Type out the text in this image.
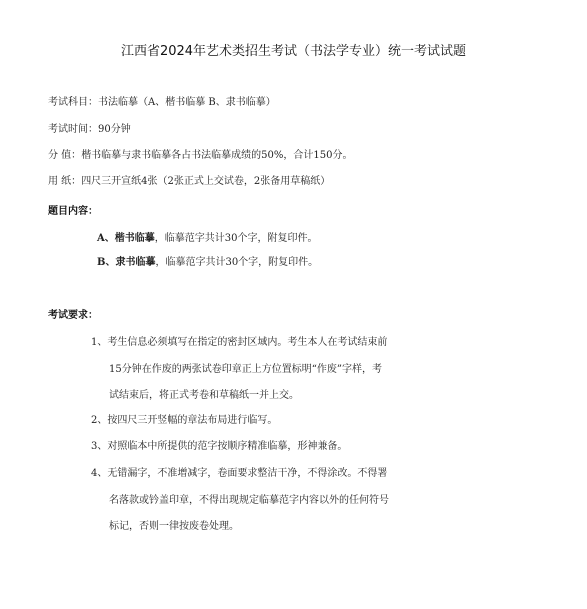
江西省2024年艺术类招生考试（书法学专业）统一考试试题
考试科目：书法临摹（A、楷书临摹 B、隶书临摹）
考试时间：90分钟
分 值：楷书临摹与隶书临摹各占书法临摹成绩的50%，合计150分。
用 纸：四尺三开宣纸4张（2张正式上交试卷，2张备用草稿纸）
题目内容：
A、楷书临摹，临摹范字共计30个字，附复印件。
B、隶书临摹，临摹范字共计30个字，附复印件。
考试要求：
1、考生信息必须填写在指定的密封区域内。考生本人在考试结束前
15分钟在作废的两张试卷印章正上方位置标明“作废”字样，考
试结束后，将正式考卷和草稿纸一并上交。
2、按四尺三开竖幅的章法布局进行临写。
3、对照临本中所提供的范字按顺序精准临摹，形神兼备。
4、无错漏字，不准增减字，卷面要求整洁干净，不得涂改。不得署
名落款或钤盖印章，不得出现规定临摹范字内容以外的任何符号
标记，否则一律按废卷处理。
